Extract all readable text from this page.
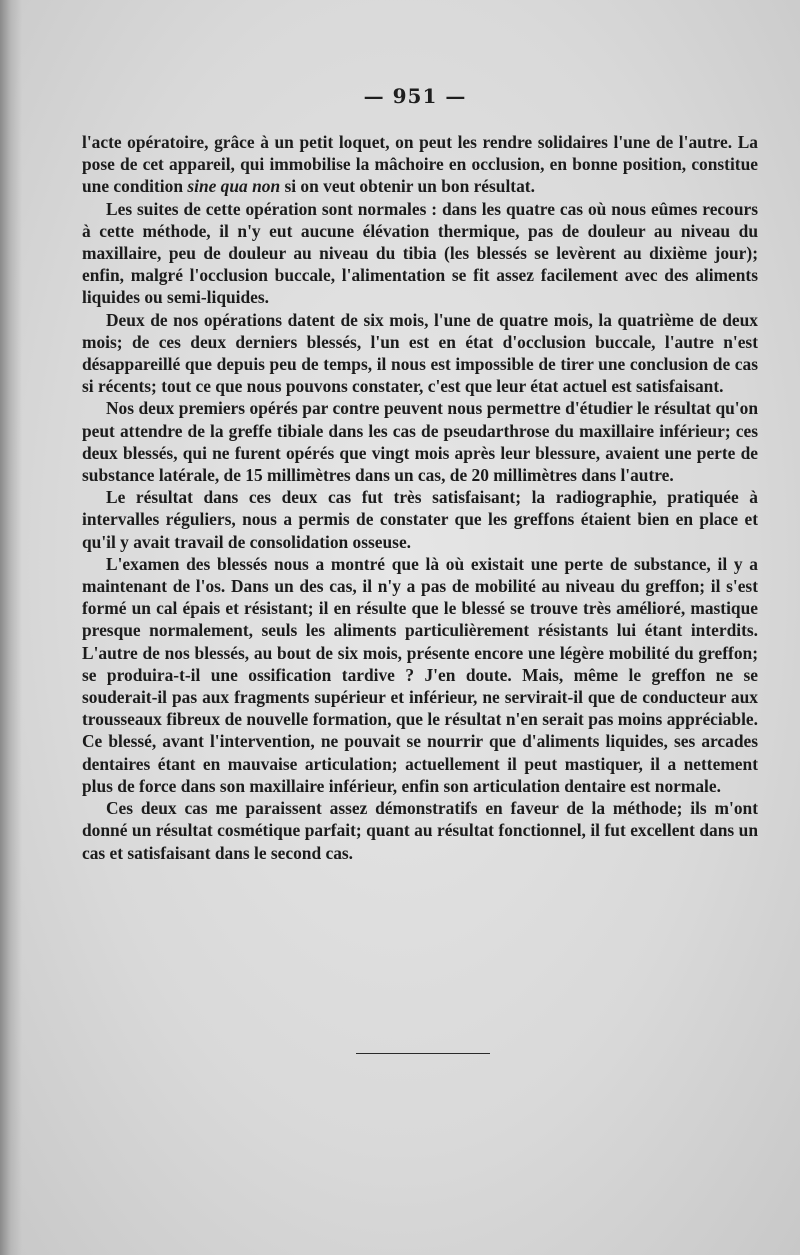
— 951 —

l'acte opératoire, grâce à un petit loquet, on peut les rendre solidaires l'une de l'autre. La pose de cet appareil, qui immobilise la mâchoire en occlusion, en bonne position, constitue une condition sine qua non si on veut obtenir un bon résultat.

Les suites de cette opération sont normales : dans les quatre cas où nous eûmes recours à cette méthode, il n'y eut aucune élévation thermique, pas de douleur au niveau du maxillaire, peu de douleur au niveau du tibia (les blessés se levèrent au dixième jour); enfin, malgré l'occlusion buccale, l'alimentation se fit assez facilement avec des aliments liquides ou semi-liquides.

Deux de nos opérations datent de six mois, l'une de quatre mois, la quatrième de deux mois; de ces deux derniers blessés, l'un est en état d'occlusion buccale, l'autre n'est désappareillé que depuis peu de temps, il nous est impossible de tirer une conclusion de cas si récents; tout ce que nous pouvons constater, c'est que leur état actuel est satisfaisant.

Nos deux premiers opérés par contre peuvent nous permettre d'étudier le résultat qu'on peut attendre de la greffe tibiale dans les cas de pseudarthrose du maxillaire inférieur; ces deux blessés, qui ne furent opérés que vingt mois après leur blessure, avaient une perte de substance latérale, de 15 millimètres dans un cas, de 20 millimètres dans l'autre.

Le résultat dans ces deux cas fut très satisfaisant; la radiographie, pratiquée à intervalles réguliers, nous a permis de constater que les greffons étaient bien en place et qu'il y avait travail de consolidation osseuse.

L'examen des blessés nous a montré que là où existait une perte de substance, il y a maintenant de l'os. Dans un des cas, il n'y a pas de mobilité au niveau du greffon; il s'est formé un cal épais et résistant; il en résulte que le blessé se trouve très amélioré, mastique presque normalement, seuls les aliments particulièrement résistants lui étant interdits. L'autre de nos blessés, au bout de six mois, présente encore une légère mobilité du greffon; se produira-t-il une ossification tardive ? J'en doute. Mais, même le greffon ne se souderait-il pas aux fragments supérieur et inférieur, ne servirait-il que de conducteur aux trousseaux fibreux de nouvelle formation, que le résultat n'en serait pas moins appréciable. Ce blessé, avant l'intervention, ne pouvait se nourrir que d'aliments liquides, ses arcades dentaires étant en mauvaise articulation; actuellement il peut mastiquer, il a nettement plus de force dans son maxillaire inférieur, enfin son articulation dentaire est normale.

Ces deux cas me paraissent assez démonstratifs en faveur de la méthode; ils m'ont donné un résultat cosmétique parfait; quant au résultat fonctionnel, il fut excellent dans un cas et satisfaisant dans le second cas.
